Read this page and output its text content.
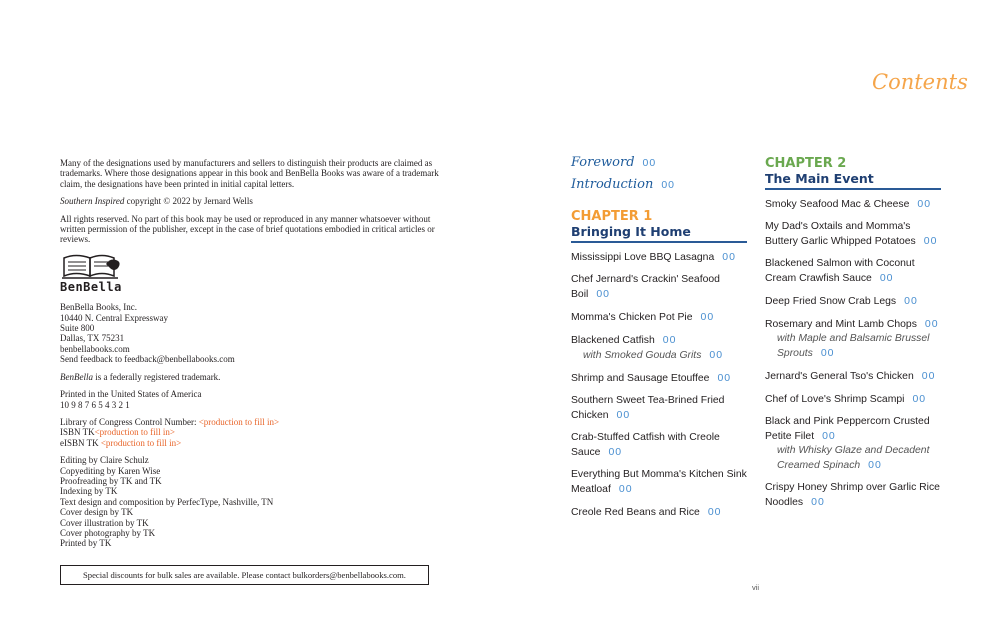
Many of the designations used by manufacturers and sellers to distinguish their products are claimed as trademarks. Where those designations appear in this book and BenBella Books was aware of a trademark claim, the designations have been printed in initial capital letters.

Southern Inspired copyright © 2022 by Jernard Wells

All rights reserved. No part of this book may be used or reproduced in any manner whatsoever without written permission of the publisher, except in the case of brief quotations embodied in critical articles or reviews.

BenBella

BenBella Books, Inc.
10440 N. Central Expressway
Suite 800
Dallas, TX 75231
benbellabooks.com
Send feedback to feedback@benbellabooks.com

BenBella is a federally registered trademark.

Printed in the United States of America
10 9 8 7 6 5 4 3 2 1

Library of Congress Control Number: <production to fill in>
ISBN TK<production to fill in>
eISBN TK <production to fill in>

Editing by Claire Schulz
Copyediting by Karen Wise
Proofreading by TK and TK
Indexing by TK
Text design and composition by PerfecType, Nashville, TN
Cover design by TK
Cover illustration by TK
Cover photography by TK
Printed by TK

Special discounts for bulk sales are available. Please contact bulkorders@benbellabooks.com.
Contents
Foreword 00
Introduction 00
CHAPTER 1
Bringing It Home
Mississippi Love BBQ Lasagna 00
Chef Jernard's Crackin' Seafood Boil 00
Momma's Chicken Pot Pie 00
Blackened Catfish 00
with Smoked Gouda Grits 00
Shrimp and Sausage Etouffee 00
Southern Sweet Tea-Brined Fried Chicken 00
Crab-Stuffed Catfish with Creole Sauce 00
Everything But Momma's Kitchen Sink Meatloaf 00
Creole Red Beans and Rice 00
CHAPTER 2
The Main Event
Smoky Seafood Mac & Cheese 00
My Dad's Oxtails and Momma's Buttery Garlic Whipped Potatoes 00
Blackened Salmon with Coconut Cream Crawfish Sauce 00
Deep Fried Snow Crab Legs 00
Rosemary and Mint Lamb Chops 00
with Maple and Balsamic Brussel Sprouts 00
Jernard's General Tso's Chicken 00
Chef of Love's Shrimp Scampi 00
Black and Pink Peppercorn Crusted Petite Filet 00
with Whisky Glaze and Decadent Creamed Spinach 00
Crispy Honey Shrimp over Garlic Rice Noodles 00
vii
